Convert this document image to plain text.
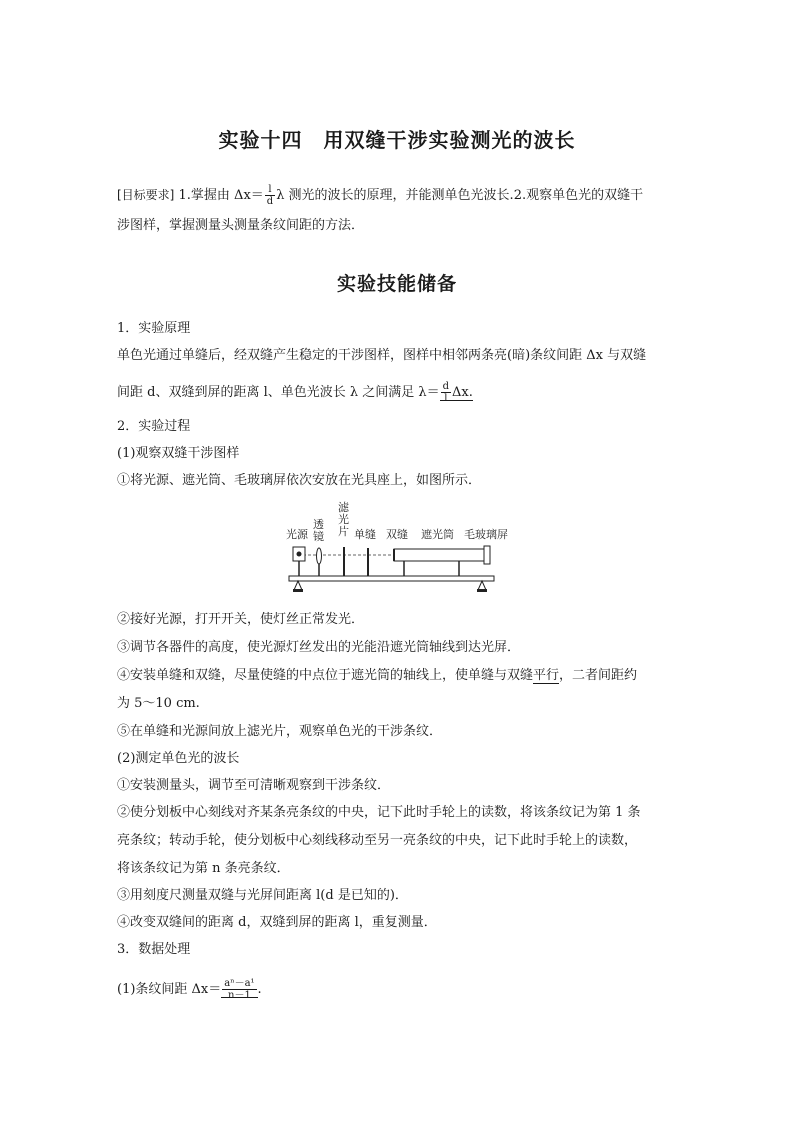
实验十四　用双缝干涉实验测光的波长
[目标要求] 1.掌握由 $\Delta x= \frac{l}{d}$ λ 测光的波长的原理，并能测单色光波长.2.观察单色光的双缝干
涉图样，掌握测量头测量条纹间距的方法．
实验技能储备
1．实验原理
单色光通过单缝后，经双缝产生稳定的干涉图样，图样中相邻两条亮(暗)条纹间距 Δx 与双缝
间距 d、双缝到屏的距离 l、单色光波长 λ 之间满足 $\lambda= \frac{d}{l} \Delta x$.
2．实验过程
(1)观察双缝干涉图样
①将光源、遮光筒、毛玻璃屏依次安放在光具座上，如图所示．
光源
透
镜
滤
光
片 单缝 双缝 遮光筒 毛玻璃屏
②接好光源，打开开关，使灯丝正常发光．
③调节各器件的高度，使光源灯丝发出的光能沿遮光筒轴线到达光屏．
④安装单缝和双缝，尽量使缝的中点位于遮光筒的轴线上，使单缝与双缝平行，二者间距约
为 5～10 cm.
⑤在单缝和光源间放上滤光片，观察单色光的干涉条纹．
(2)测定单色光的波长
①安装测量头，调节至可清晰观察到干涉条纹．
②使分划板中心刻线对齐某条亮条纹的中央，记下此时手轮上的读数，将该条纹记为第 1 条
亮条纹；转动手轮，使分划板中心刻线移动至另一亮条纹的中央，记下此时手轮上的读数，
将该条纹记为第 n 条亮条纹．
③用刻度尺测量双缝与光屏间距离 l(d 是已知的)．
④改变双缝间的距离 d，双缝到屏的距离 l，重复测量．
3．数据处理
(1)条纹间距 $\Delta x= \frac{\text{aⁿ－a¹}}{n-1}$ .
